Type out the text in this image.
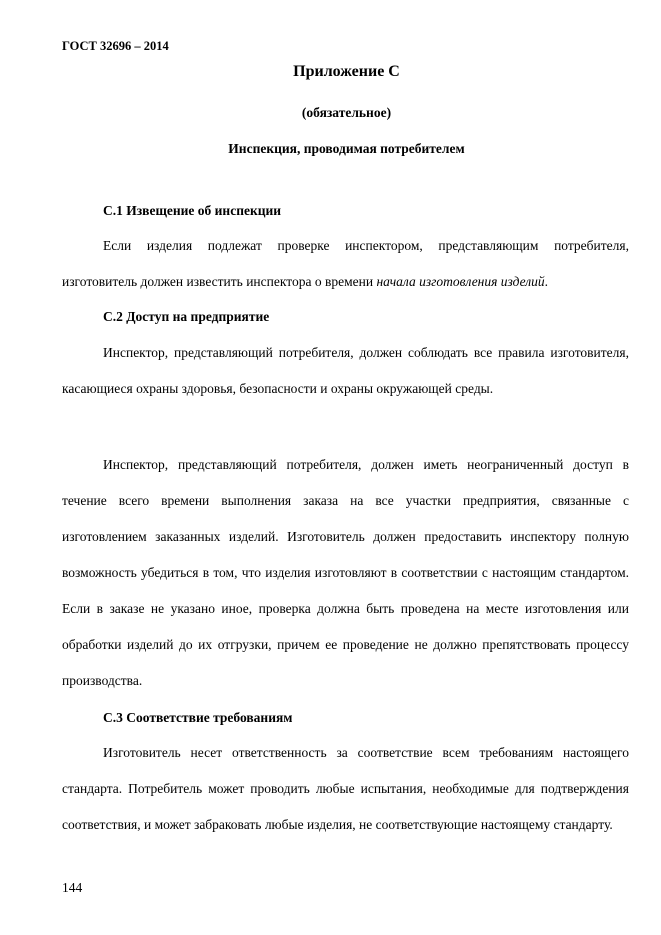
ГОСТ 32696 – 2014
Приложение С
(обязательное)
Инспекция, проводимая потребителем
С.1 Извещение об инспекции
Если изделия подлежат проверке инспектором, представляющим потребителя, изготовитель должен известить инспектора о времени начала изготовления изделий.
С.2 Доступ на предприятие
Инспектор, представляющий потребителя, должен соблюдать все правила изготовителя, касающиеся охраны здоровья, безопасности и охраны окружающей среды.
Инспектор, представляющий потребителя, должен иметь неограниченный доступ в течение всего времени выполнения заказа на все участки предприятия, связанные с изготовлением заказанных изделий. Изготовитель должен предоставить инспектору полную возможность убедиться в том, что изделия изготовляют в соответствии с настоящим стандартом. Если в заказе не указано иное, проверка должна быть проведена на месте изготовления или обработки изделий до их отгрузки, причем ее проведение не должно препятствовать процессу производства.
С.3 Соответствие требованиям
Изготовитель несет ответственность за соответствие всем требованиям настоящего стандарта. Потребитель может проводить любые испытания, необходимые для подтверждения соответствия, и может забраковать любые изделия, не соответствующие настоящему стандарту.
144
